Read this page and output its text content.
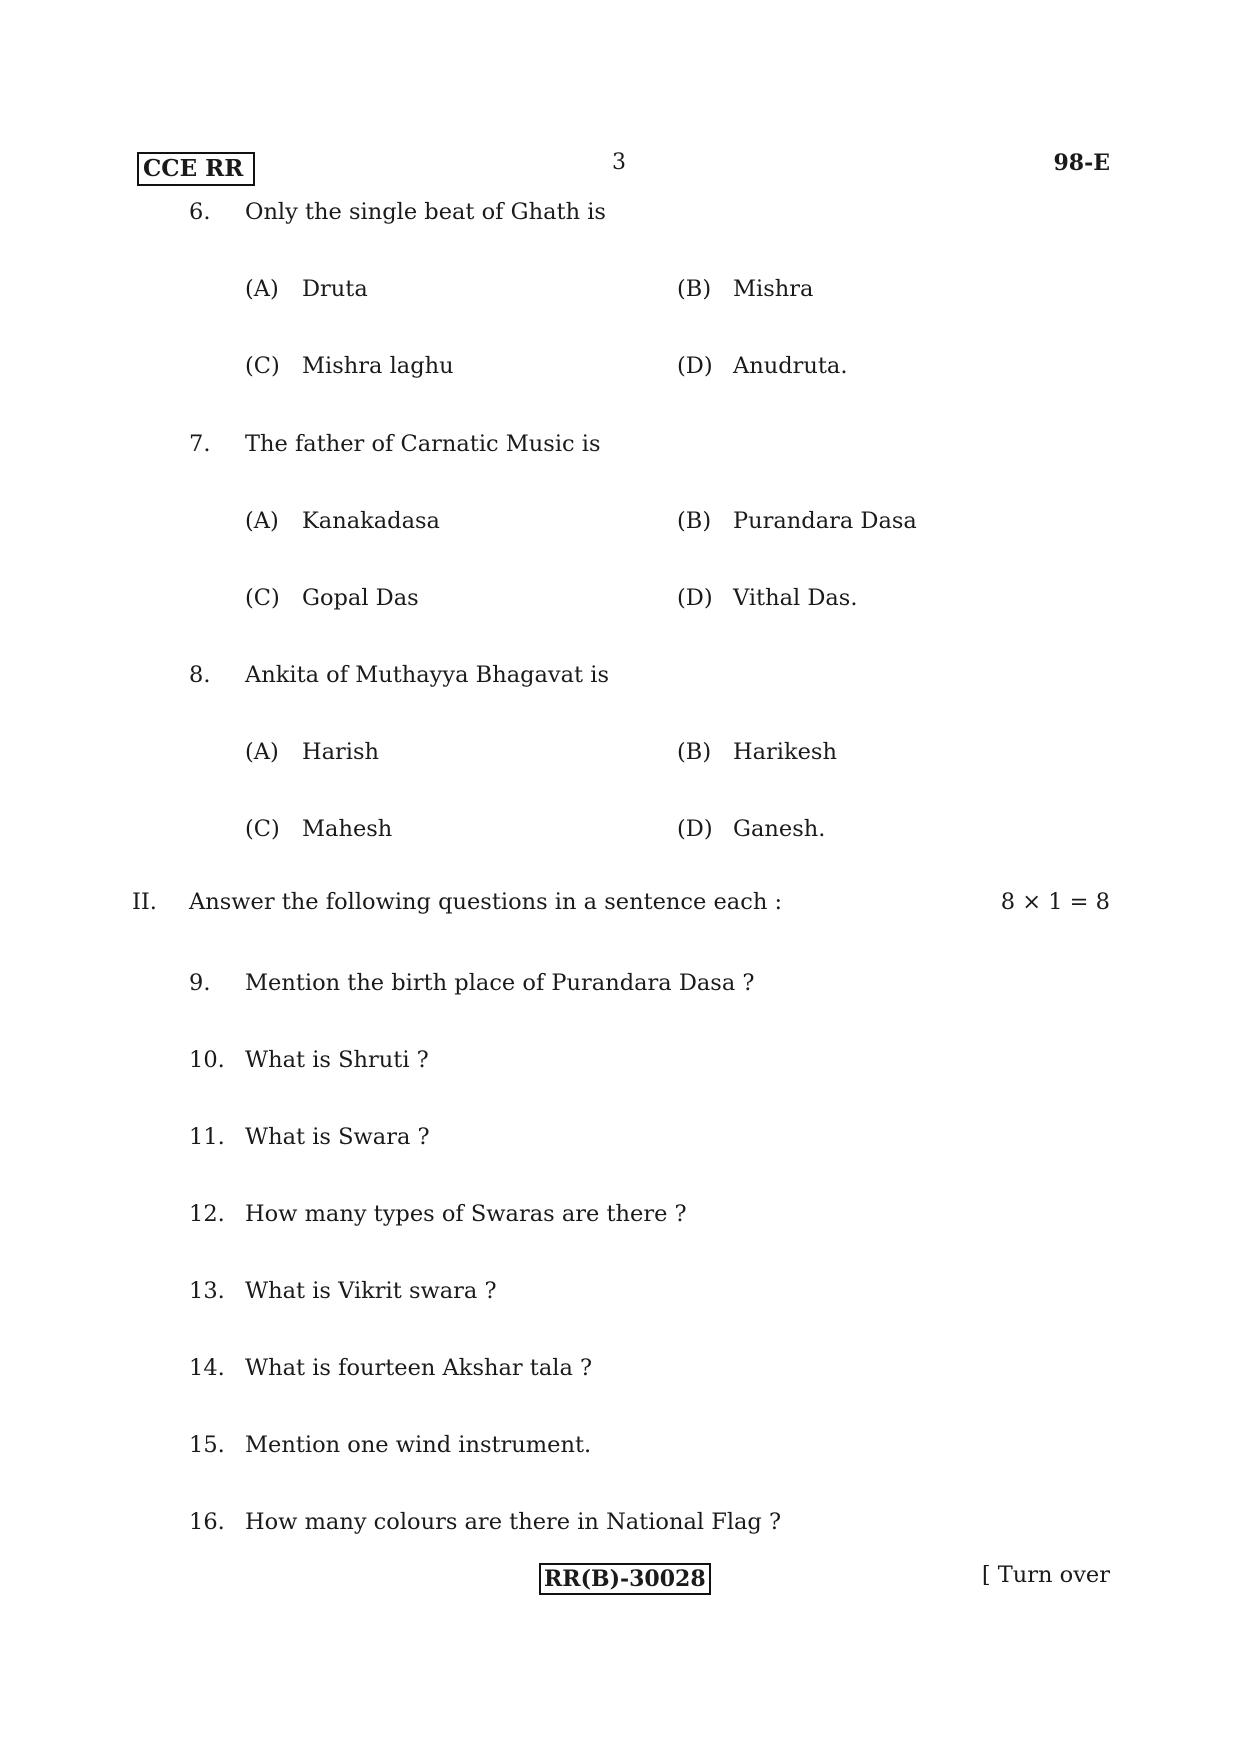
CCE RR	3	98-E
6. Only the single beat of Ghath is
(A) Druta	(B) Mishra
(C) Mishra laghu	(D) Anudruta.
7. The father of Carnatic Music is
(A) Kanakadasa	(B) Purandara Dasa
(C) Gopal Das	(D) Vithal Das.
8. Ankita of Muthayya Bhagavat is
(A) Harish	(B) Harikesh
(C) Mahesh	(D) Ganesh.
II. Answer the following questions in a sentence each :	8 × 1 = 8
9. Mention the birth place of Purandara Dasa ?
10. What is Shruti ?
11. What is Swara ?
12. How many types of Swaras are there ?
13. What is Vikrit swara ?
14. What is fourteen Akshar tala ?
15. Mention one wind instrument.
16. How many colours are there in National Flag ?
RR(B)-30028	[ Turn over
